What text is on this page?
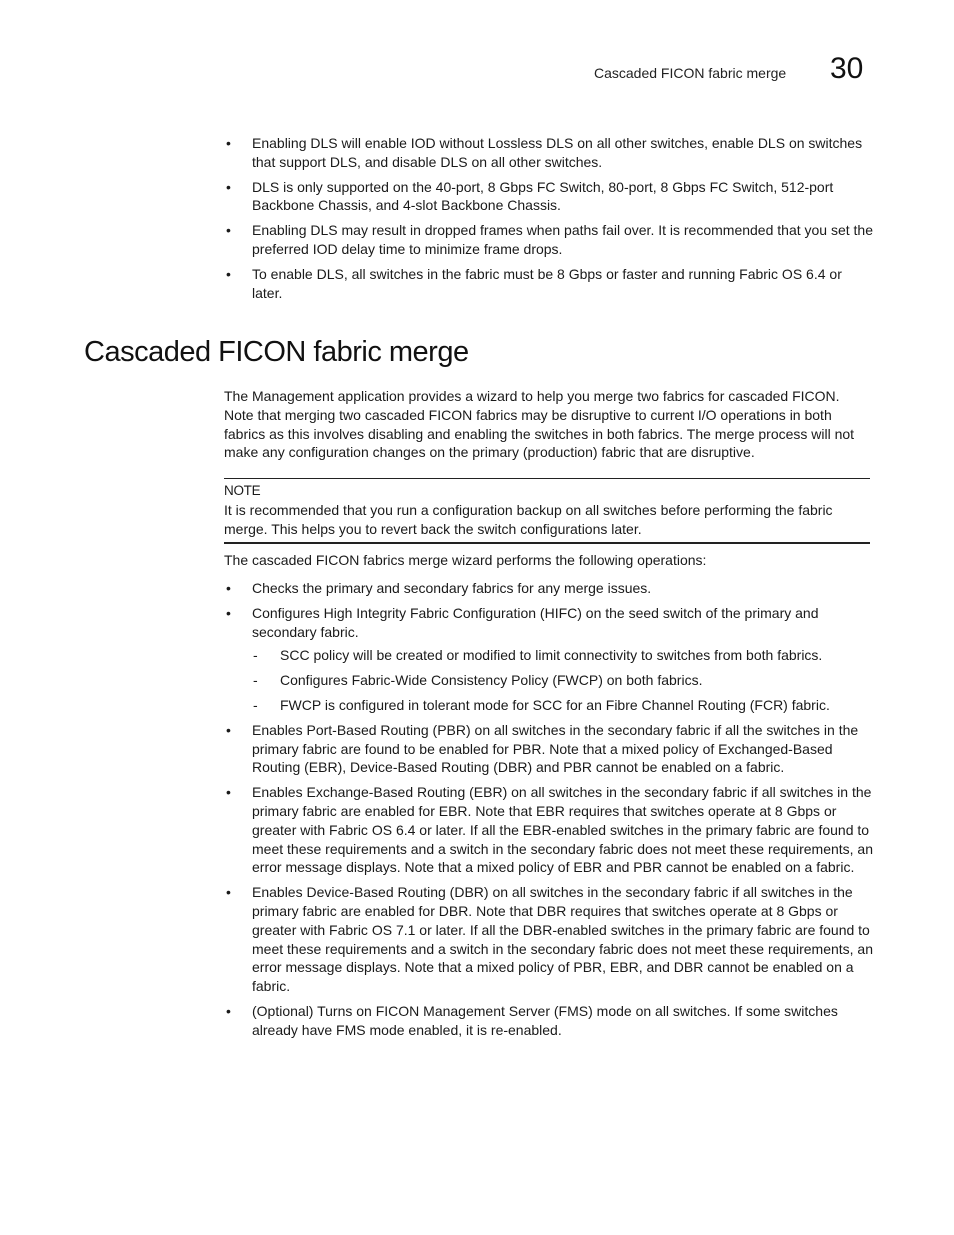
Cascaded FICON fabric merge 30
• Enabling DLS will enable IOD without Lossless DLS on all other switches, enable DLS on switches that support DLS, and disable DLS on all other switches.
• DLS is only supported on the 40-port, 8 Gbps FC Switch, 80-port, 8 Gbps FC Switch, 512-port Backbone Chassis, and 4-slot Backbone Chassis.
• Enabling DLS may result in dropped frames when paths fail over. It is recommended that you set the preferred IOD delay time to minimize frame drops.
• To enable DLS, all switches in the fabric must be 8 Gbps or faster and running Fabric OS 6.4 or later.
Cascaded FICON fabric merge

The Management application provides a wizard to help you merge two fabrics for cascaded FICON. Note that merging two cascaded FICON fabrics may be disruptive to current I/O operations in both fabrics as this involves disabling and enabling the switches in both fabrics. The merge process will not make any configuration changes on the primary (production) fabric that are disruptive.

NOTE
It is recommended that you run a configuration backup on all switches before performing the fabric merge. This helps you to revert back the switch configurations later.

The cascaded FICON fabrics merge wizard performs the following operations:

• Checks the primary and secondary fabrics for any merge issues.
• Configures High Integrity Fabric Configuration (HIFC) on the seed switch of the primary and secondary fabric.
- SCC policy will be created or modified to limit connectivity to switches from both fabrics.
- Configures Fabric-Wide Consistency Policy (FWCP) on both fabrics.
- FWCP is configured in tolerant mode for SCC for an Fibre Channel Routing (FCR) fabric.
• Enables Port-Based Routing (PBR) on all switches in the secondary fabric if all the switches in the primary fabric are found to be enabled for PBR. Note that a mixed policy of Exchanged-Based Routing (EBR), Device-Based Routing (DBR) and PBR cannot be enabled on a fabric.
• Enables Exchange-Based Routing (EBR) on all switches in the secondary fabric if all switches in the primary fabric are enabled for EBR. Note that EBR requires that switches operate at 8 Gbps or greater with Fabric OS 6.4 or later. If all the EBR-enabled switches in the primary fabric are found to meet these requirements and a switch in the secondary fabric does not meet these requirements, an error message displays. Note that a mixed policy of EBR and PBR cannot be enabled on a fabric.
• Enables Device-Based Routing (DBR) on all switches in the secondary fabric if all switches in the primary fabric are enabled for DBR. Note that DBR requires that switches operate at 8 Gbps or greater with Fabric OS 7.1 or later. If all the DBR-enabled switches in the primary fabric are found to meet these requirements and a switch in the secondary fabric does not meet these requirements, an error message displays. Note that a mixed policy of PBR, EBR, and DBR cannot be enabled on a fabric.
• (Optional) Turns on FICON Management Server (FMS) mode on all switches. If some switches already have FMS mode enabled, it is re-enabled.
